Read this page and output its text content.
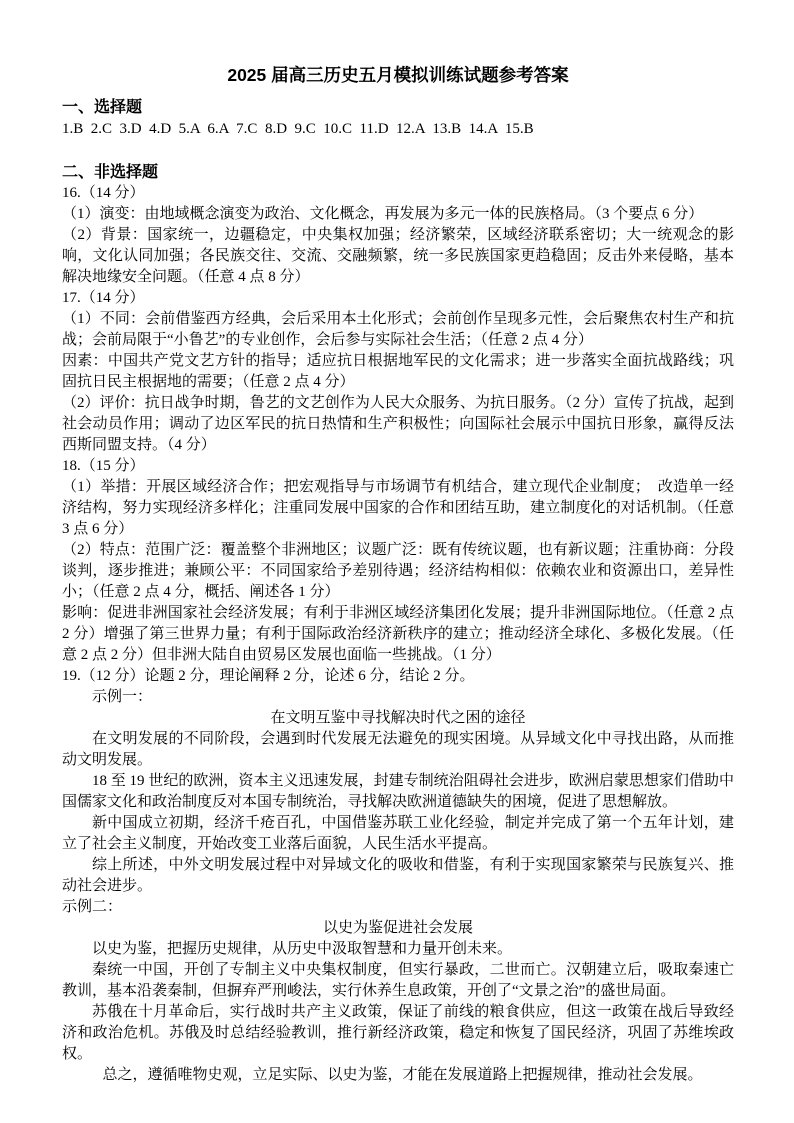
2025 届高三历史五月模拟训练试题参考答案
一、选择题
1.B  2.C  3.D  4.D  5.A  6.A  7.C  8.D  9.C  10.C  11.D  12.A  13.B  14.A  15.B
二、非选择题
16.（14 分）
（1）演变：由地域概念演变为政治、文化概念，再发展为多元一体的民族格局。（3 个要点 6 分）
（2）背景：国家统一，边疆稳定，中央集权加强；经济繁荣，区域经济联系密切；大一统观念的影响，文化认同加强；各民族交往、交流、交融频繁，统一多民族国家更趋稳固；反击外来侵略，基本解决地缘安全问题。（任意 4 点 8 分）
17.（14 分）
（1）不同：会前借鉴西方经典，会后采用本土化形式；会前创作呈现多元性，会后聚焦农村生产和抗战；会前局限于“小鲁艺”的专业创作，会后参与实际社会生活；（任意 2 点 4 分）
因素：中国共产党文艺方针的指导；适应抗日根据地军民的文化需求；进一步落实全面抗战路线；巩固抗日民主根据地的需要；（任意 2 点 4 分）
（2）评价：抗日战争时期，鲁艺的文艺创作为人民大众服务、为抗日服务。（2 分）宣传了抗战，起到社会动员作用；调动了边区军民的抗日热情和生产积极性；向国际社会展示中国抗日形象，赢得反法西斯同盟支持。（4 分）
18.（15 分）
（1）举措：开展区域经济合作；把宏观指导与市场调节有机结合，建立现代企业制度；　改造单一经济结构，努力实现经济多样化；注重同发展中国家的合作和团结互助，建立制度化的对话机制。（任意 3 点 6 分）
（2）特点：范围广泛：覆盖整个非洲地区；议题广泛：既有传统议题，也有新议题；注重协商：分段谈判，逐步推进；兼顾公平：不同国家给予差别待遇；经济结构相似：依赖农业和资源出口，差异性小；（任意 2 点 4 分，概括、阐述各 1 分）
影响：促进非洲国家社会经济发展；有利于非洲区域经济集团化发展；提升非洲国际地位。（任意 2 点 2 分）增强了第三世界力量；有利于国际政治经济新秩序的建立；推动经济全球化、多极化发展。（任意 2 点 2 分）但非洲大陆自由贸易区发展也面临一些挑战。（1 分）
19.（12 分）论题 2 分，理论阐释 2 分，论述 6 分，结论 2 分。
示例一：
在文明互鉴中寻找解决时代之困的途径
在文明发展的不同阶段，会遇到时代发展无法避免的现实困境。从异域文化中寻找出路，从而推动文明发展。
18 至 19 世纪的欧洲，资本主义迅速发展，封建专制统治阻碍社会进步，欧洲启蒙思想家们借助中国儒家文化和政治制度反对本国专制统治，寻找解决欧洲道德缺失的困境，促进了思想解放。
新中国成立初期，经济千疮百孔，中国借鉴苏联工业化经验，制定并完成了第一个五年计划，建立了社会主义制度，开始改变工业落后面貌，人民生活水平提高。
综上所述，中外文明发展过程中对异域文化的吸收和借鉴，有利于实现国家繁荣与民族复兴、推动社会进步。
示例二：
以史为鉴促进社会发展
以史为鉴，把握历史规律，从历史中汲取智慧和力量开创未来。
秦统一中国，开创了专制主义中央集权制度，但实行暴政，二世而亡。汉朝建立后，吸取秦速亡教训，基本沿袭秦制，但摒弃严刑峻法，实行休养生息政策，开创了“文景之治”的盛世局面。
苏俄在十月革命后，实行战时共产主义政策，保证了前线的粮食供应，但这一政策在战后导致经济和政治危机。苏俄及时总结经验教训，推行新经济政策，稳定和恢复了国民经济，巩固了苏维埃政权。
总之，遵循唯物史观，立足实际、以史为鉴，才能在发展道路上把握规律，推动社会发展。
